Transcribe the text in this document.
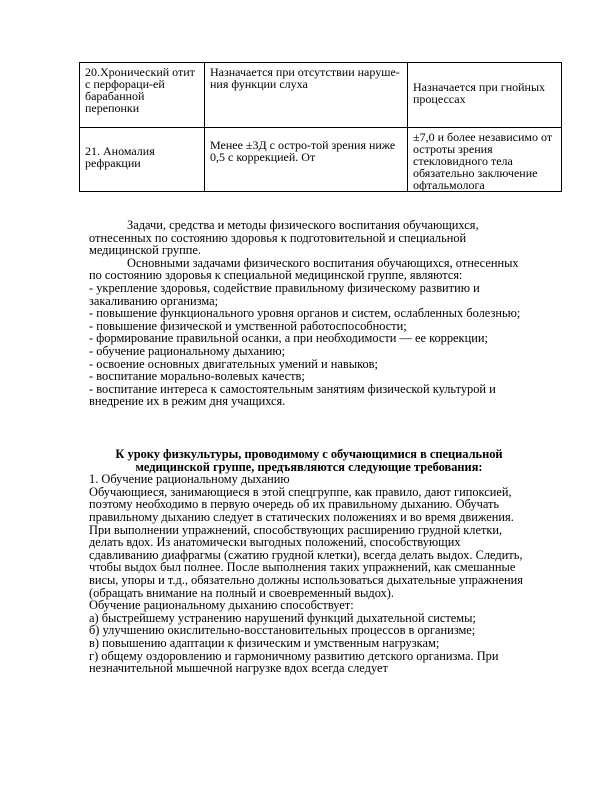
20.Хронический отит с перфораци-ей барабанной перепонки	Назначается при отсутствии наруше-ния функции слуха	Назначается при гнойных процессах

21. Аномалия рефракции	Менее ±3Д с остро-той зрения ниже 0,5 с коррекцией. От	±7,0 и более независимо от остроты зрения стекловидного тела обязательно заключение офтальмолога

Задачи, средства и методы физического воспитания обучающихся, отнесенных по состоянию здоровья к подготовительной и специальной медицинской группе.

Основными задачами физического воспитания обучающихся, отнесенных по состоянию здоровья к специальной медицинской группе, являются:

- укрепление здоровья, содействие правильному физическому развитию и закаливанию организма;

- повышение функционального уровня органов и систем, ослабленных болезнью;

- повышение физической и умственной работоспособности;

- формирование правильной осанки, а при необходимости — ее коррекции;

- обучение рациональному дыханию;

- освоение основных двигательных умений и навыков;

- воспитание морально-волевых качеств;

- воспитание интереса к самостоятельным занятиям физической культурой и внедрение их в режим дня учащихся.

К уроку физкультуры, проводимому с обучающимися в специальной медицинской группе, предъявляются следующие требования:

1. Обучение рациональному дыханию

Обучающиеся, занимающиеся в этой спецгруппе, как правило, дают гипоксией, поэтому необходимо в первую очередь об их правильному дыханию. Обучать правильному дыханию следует в статических положениях и во время движения.

При выполнении упражнений, способствующих расширению грудной клетки, делать вдох. Из анатомически выгодных положений, способствующих сдавливанию диафрагмы (сжатию грудной клетки), всегда делать выдох. Следить, чтобы выдох был полнее. После выполнения таких упражнений, как смешанные висы, упоры и т.д., обязательно должны использоваться дыхательные упражнения (обращать внимание на полный и своевременный выдох).

Обучение рациональному дыханию способствует:

а) быстрейшему устранению нарушений функций дыхательной системы;

б) улучшению окислительно-восстановительных процессов в организме;

в) повышению адаптации к физическим и умственным нагрузкам;

г) общему оздоровлению и гармоничному развитию детского организма. При незначительной мышечной нагрузке вдох всегда следует
